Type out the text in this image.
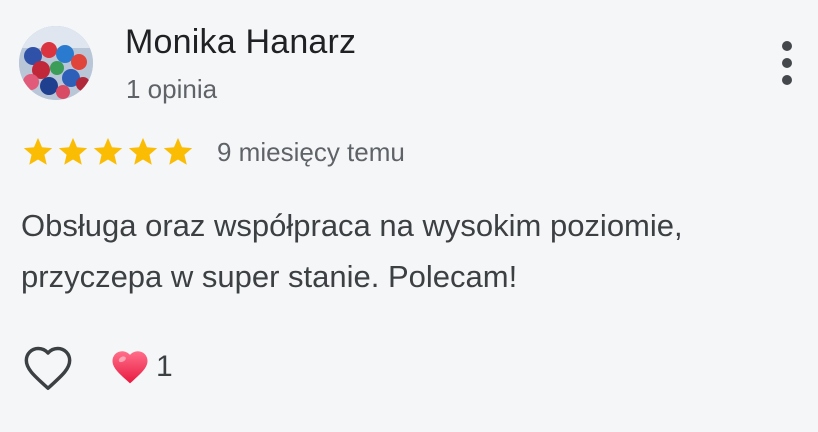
Monika Hanarz
1 opinia
9 miesięcy temu

Obsługa oraz współpraca na wysokim poziomie, przyczepa w super stanie. Polecam!

1
